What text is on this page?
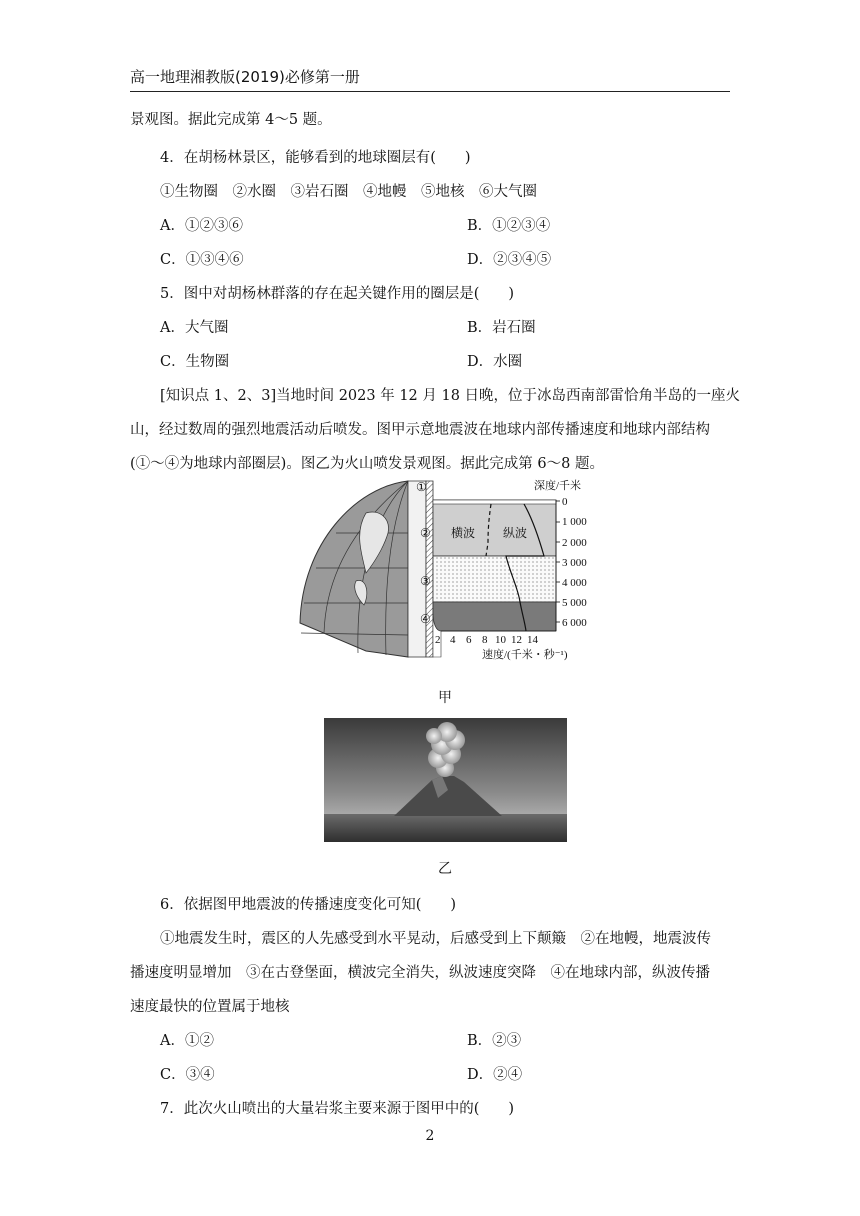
高一地理湘教版(2019)必修第一册
景观图。据此完成第 4～5 题。
4．在胡杨林景区，能够看到的地球圈层有(　　)
①生物圈　②水圈　③岩石圈　④地幔　⑤地核　⑥大气圈
A．①②③⑥	B．①②③④
C．①③④⑥	D．②③④⑤
5．图中对胡杨林群落的存在起关键作用的圈层是(　　)
A．大气圈	B．岩石圈
C．生物圈	D．水圈
[知识点 1、2、3]当地时间 2023 年 12 月 18 日晚，位于冰岛西南部雷恰角半岛的一座火
山，经过数周的强烈地震活动后喷发。图甲示意地震波在地球内部传播速度和地球内部结构
(①～④为地球内部圈层)。图乙为火山喷发景观图。据此完成第 6～8 题。
深度/千米
0
1 000
2 000
3 000
4 000
5 000
6 000
2 4 6 8 10 12 14
速度/(千米・秒⁻¹)
横波 纵波
①
②
③
④
甲
乙
6．依据图甲地震波的传播速度变化可知(　　)
①地震发生时，震区的人先感受到水平晃动，后感受到上下颠簸　②在地幔，地震波传
播速度明显增加　③在古登堡面，横波完全消失，纵波速度突降　④在地球内部，纵波传播
速度最快的位置属于地核
A．①②	B．②③
C．③④	D．②④
7．此次火山喷出的大量岩浆主要来源于图甲中的(　　)
2
